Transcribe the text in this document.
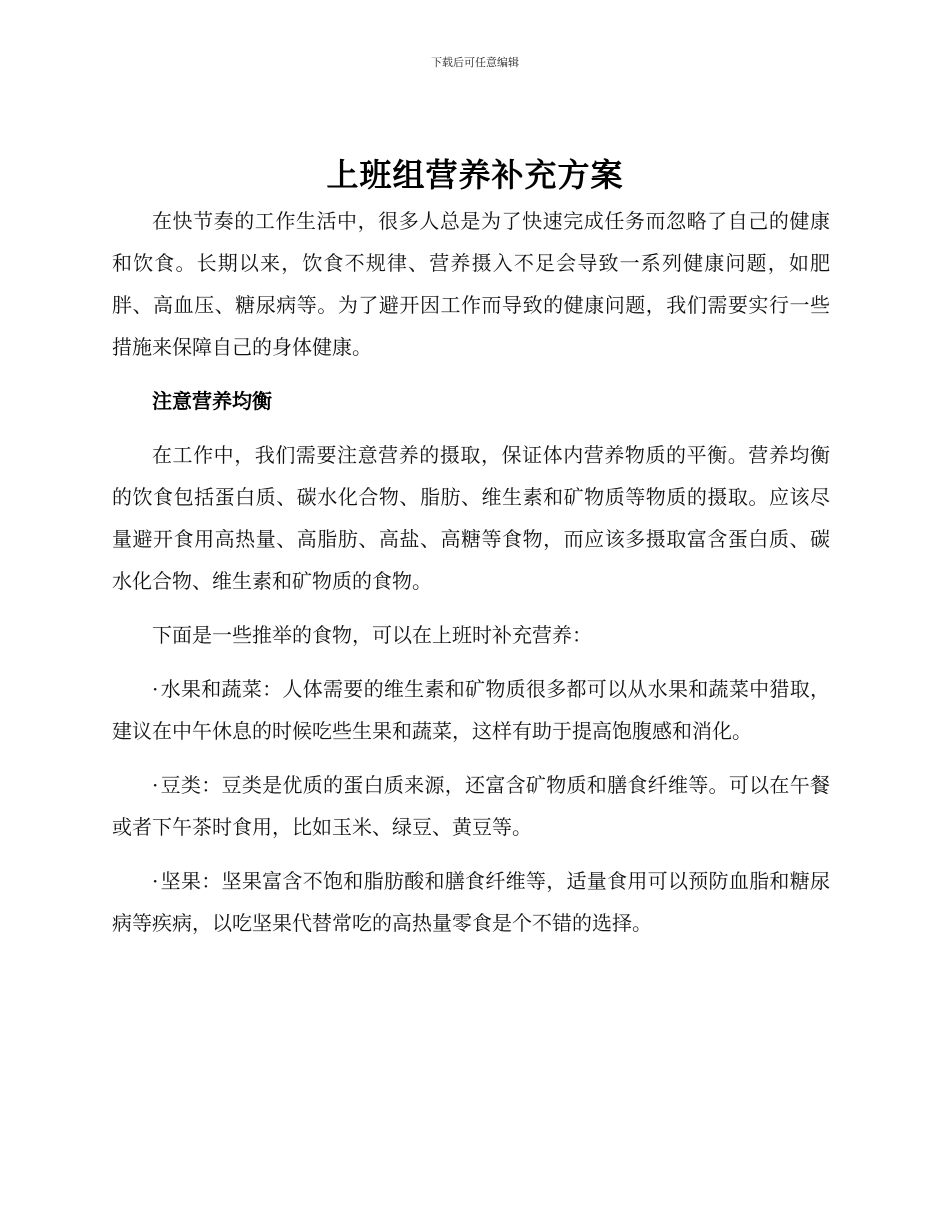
下载后可任意编辑
上班组营养补充方案

在快节奏的工作生活中，很多人总是为了快速完成任务而忽略了自己的健康和饮食。长期以来，饮食不规律、营养摄入不足会导致一系列健康问题，如肥胖、高血压、糖尿病等。为了避开因工作而导致的健康问题，我们需要实行一些措施来保障自己的身体健康。

注意营养均衡

在工作中，我们需要注意营养的摄取，保证体内营养物质的平衡。营养均衡的饮食包括蛋白质、碳水化合物、脂肪、维生素和矿物质等物质的摄取。应该尽量避开食用高热量、高脂肪、高盐、高糖等食物，而应该多摄取富含蛋白质、碳水化合物、维生素和矿物质的食物。

下面是一些推举的食物，可以在上班时补充营养：

· 水果和蔬菜：人体需要的维生素和矿物质很多都可以从水果和蔬菜中猎取，建议在中午休息的时候吃些生果和蔬菜，这样有助于提高饱腹感和消化。

· 豆类：豆类是优质的蛋白质来源，还富含矿物质和膳食纤维等。可以在午餐或者下午茶时食用，比如玉米、绿豆、黄豆等。

· 坚果：坚果富含不饱和脂肪酸和膳食纤维等，适量食用可以预防血脂和糖尿病等疾病，以吃坚果代替常吃的高热量零食是个不错的选择。
